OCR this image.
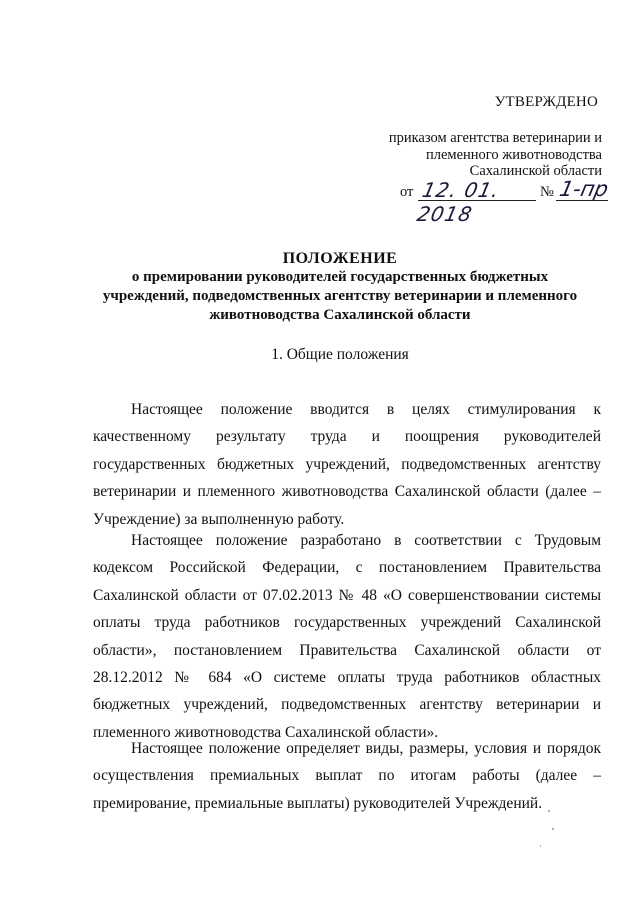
УТВЕРЖДЕНО
приказом агентства ветеринарии и
племенного животноводства
Сахалинской области
от 12. 01. 2018
№ 1-пр
ПОЛОЖЕНИЕ
о премировании руководителей государственных бюджетных
учреждений, подведомственных агентству ветеринарии и племенного
животноводства Сахалинской области
1. Общие положения
Настоящее положение вводится в целях стимулирования к
качественному результату труда и поощрения руководителей
государственных бюджетных учреждений, подведомственных агентству
ветеринарии и племенного животноводства Сахалинской области (далее –
Учреждение) за выполненную работу.
Настоящее положение разработано в соответствии с Трудовым
кодексом Российской Федерации, с постановлением Правительства
Сахалинской области от 07.02.2013 № 48 «О совершенствовании системы
оплаты труда работников государственных учреждений Сахалинской
области», постановлением Правительства Сахалинской области от
28.12.2012 № 684 «О системе оплаты труда работников областных
бюджетных учреждений, подведомственных агентству ветеринарии и
племенного животноводства Сахалинской области».
Настоящее положение определяет виды, размеры, условия и порядок
осуществления премиальных выплат по итогам работы (далее –
премирование, премиальные выплаты) руководителей Учреждений.
